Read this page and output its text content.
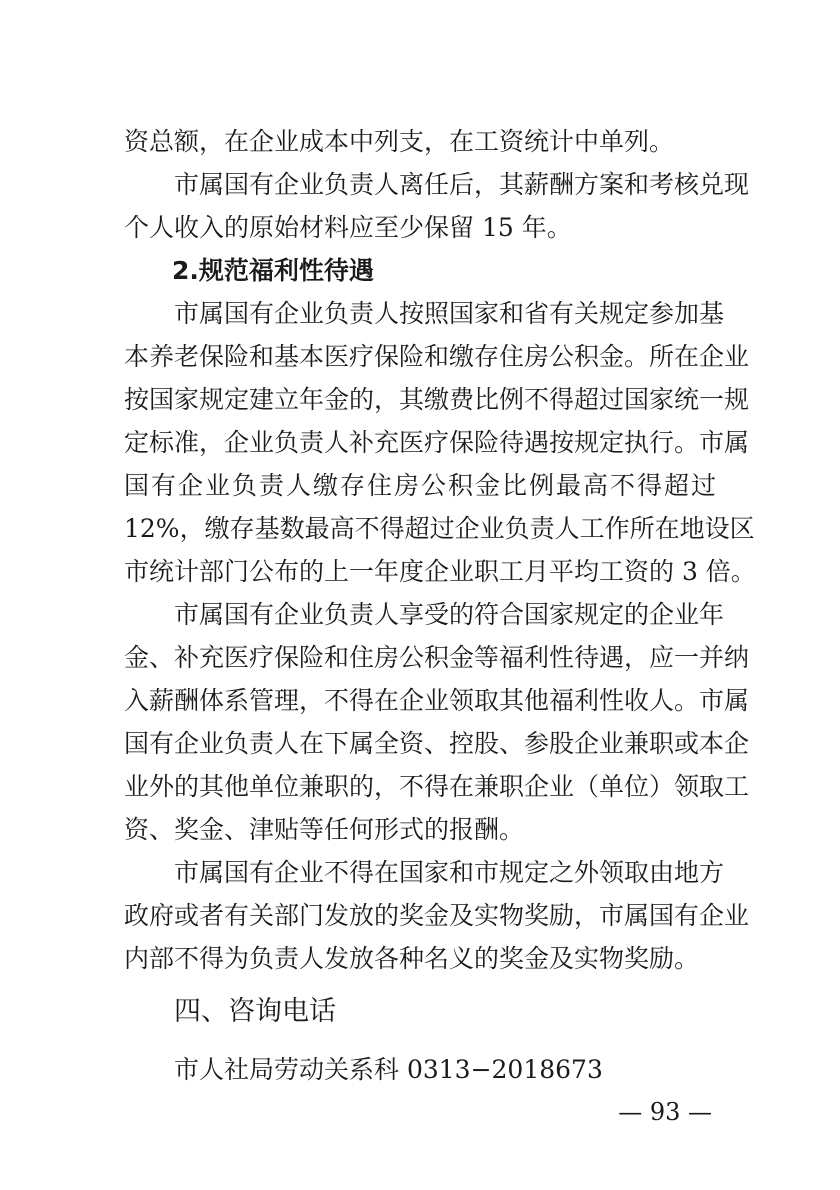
资总额，在企业成本中列支，在工资统计中单列。
市属国有企业负责人离任后，其薪酬方案和考核兑现
个人收入的原始材料应至少保留 15 年。
2.规范福利性待遇
市属国有企业负责人按照国家和省有关规定参加基
本养老保险和基本医疗保险和缴存住房公积金。所在企业
按国家规定建立年金的，其缴费比例不得超过国家统一规
定标准，企业负责人补充医疗保险待遇按规定执行。市属
国有企业负责人缴存住房公积金比例最高不得超过
12%，缴存基数最高不得超过企业负责人工作所在地设区
市统计部门公布的上一年度企业职工月平均工资的 3 倍。
市属国有企业负责人享受的符合国家规定的企业年
金、补充医疗保险和住房公积金等福利性待遇，应一并纳
入薪酬体系管理，不得在企业领取其他福利性收人。市属
国有企业负责人在下属全资、控股、参股企业兼职或本企
业外的其他单位兼职的，不得在兼职企业（单位）领取工
资、奖金、津贴等任何形式的报酬。
市属国有企业不得在国家和市规定之外领取由地方
政府或者有关部门发放的奖金及实物奖励，市属国有企业
内部不得为负责人发放各种名义的奖金及实物奖励。
四、咨询电话
市人社局劳动关系科 0313−2018673
— 93 —
